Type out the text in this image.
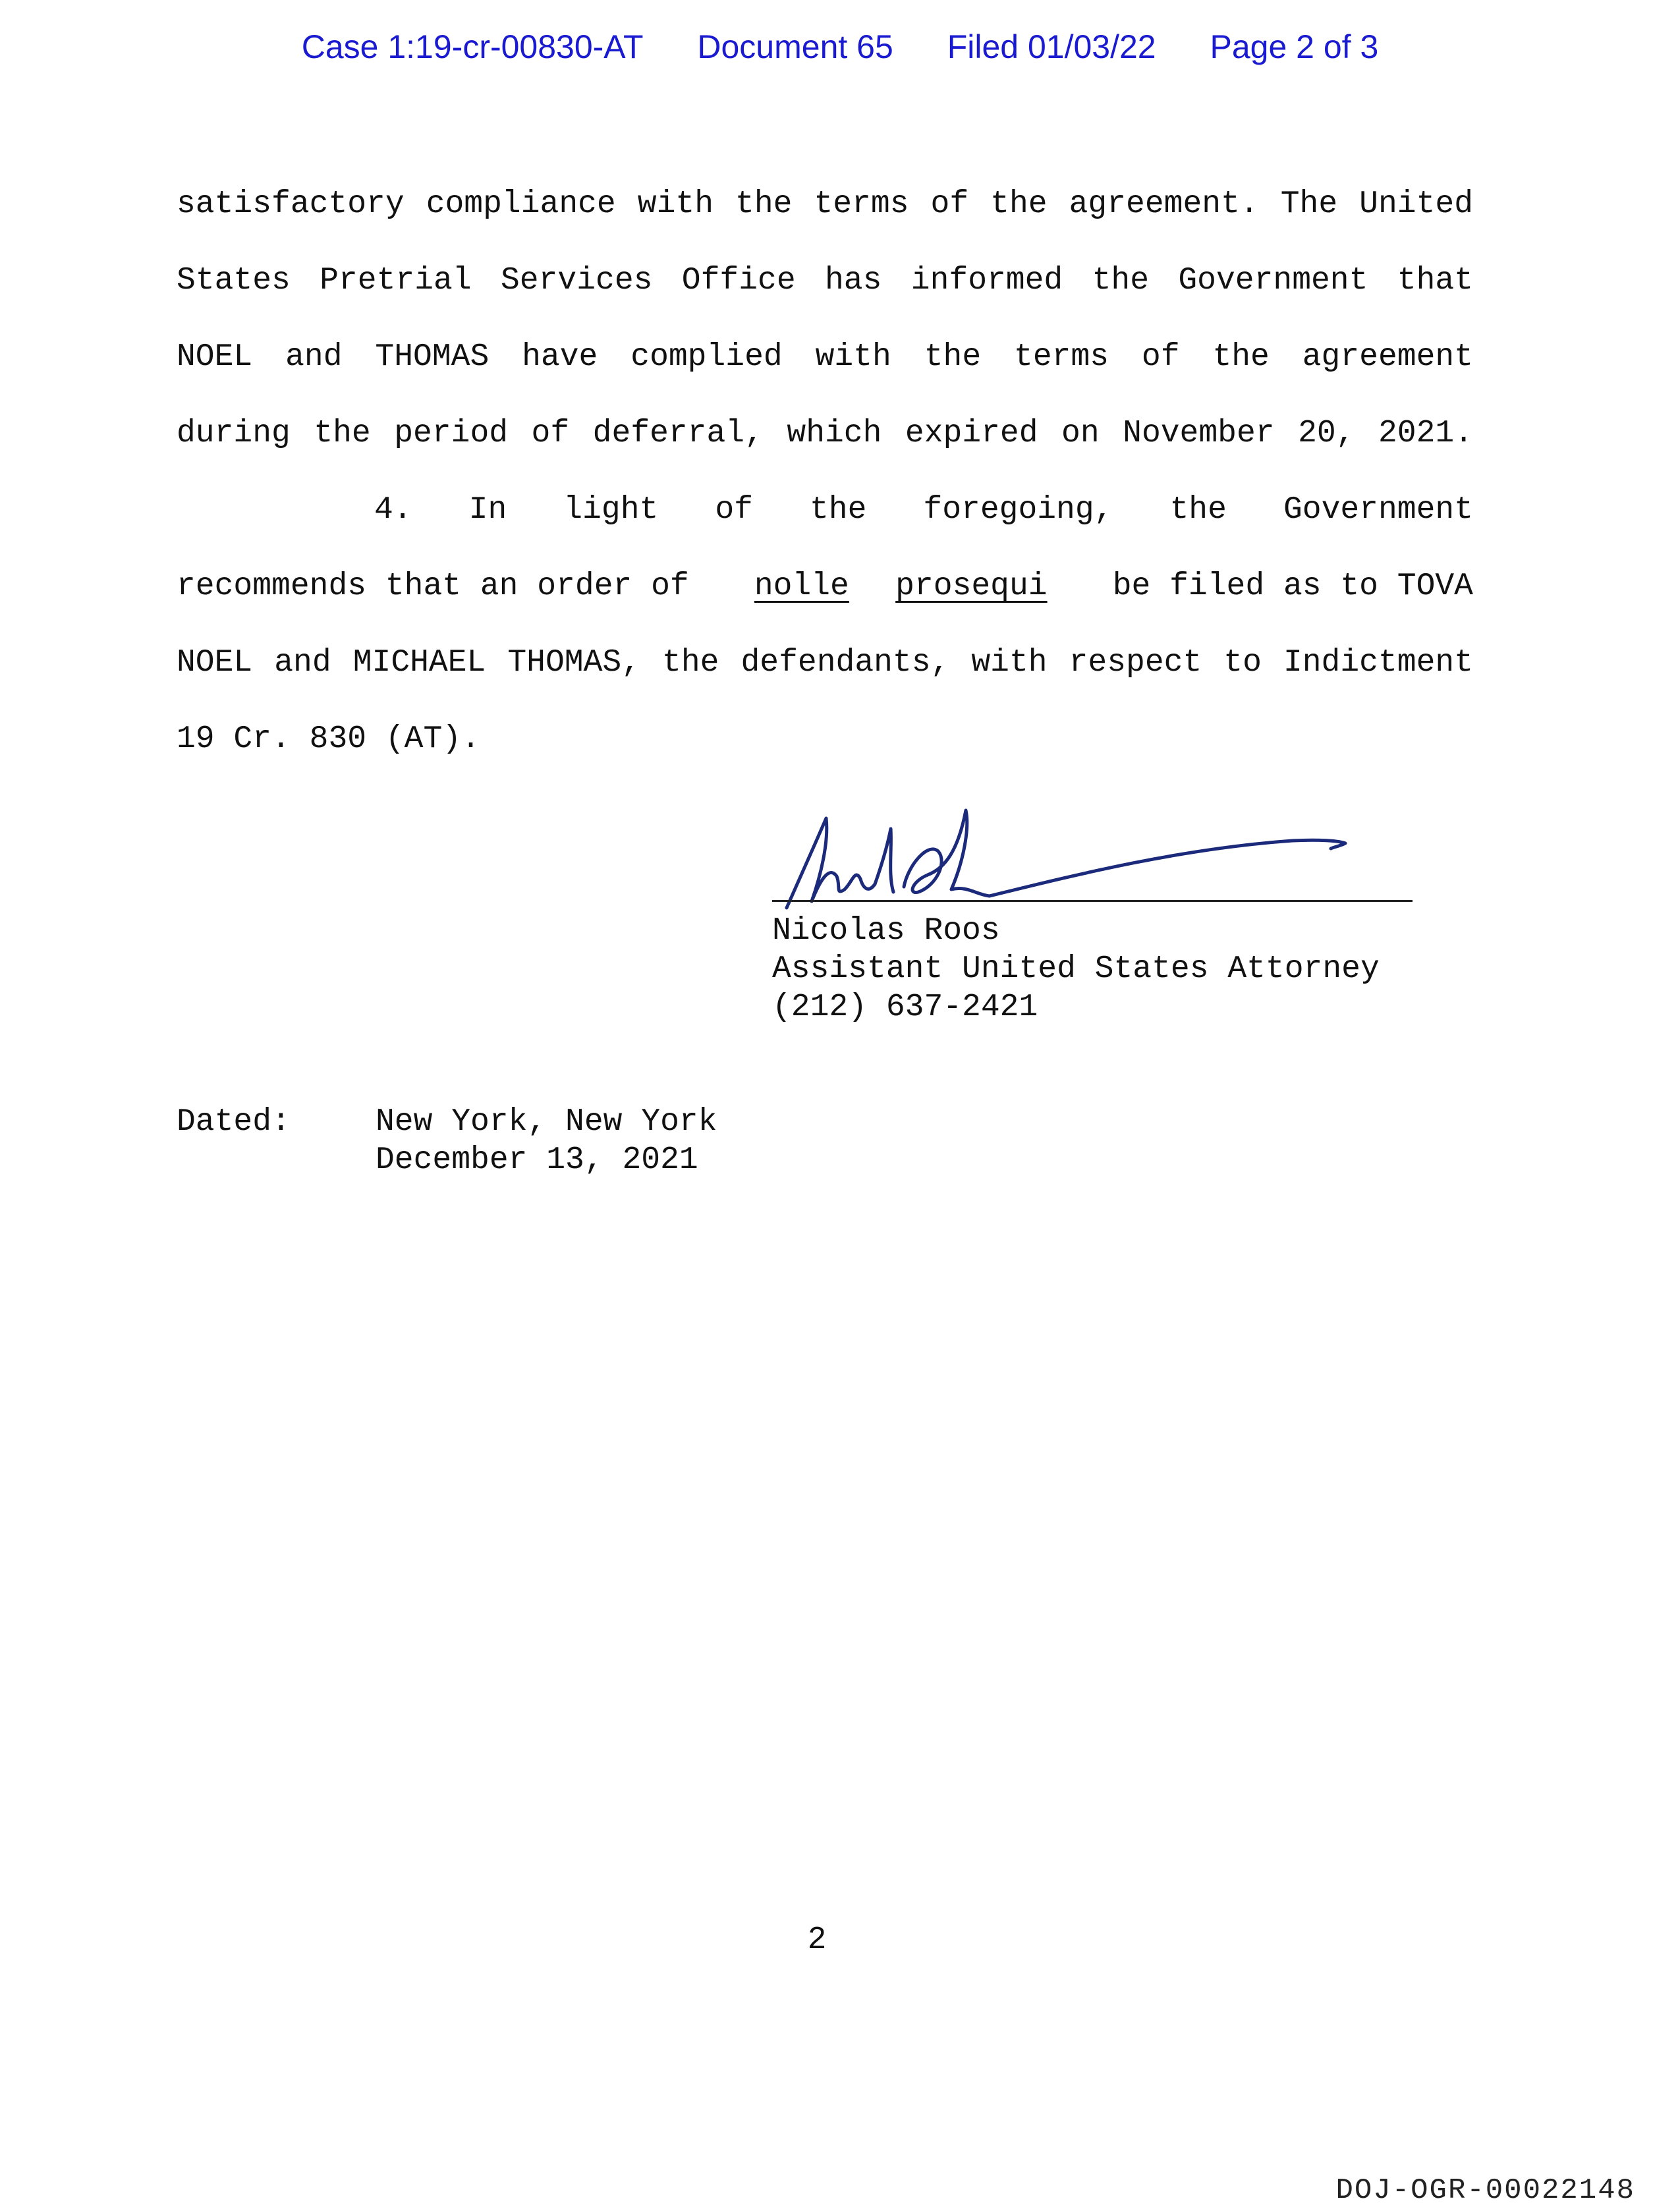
Case 1:19-cr-00830-AT Document 65 Filed 01/03/22 Page 2 of 3
satisfactory compliance with the terms of the agreement. The United
States Pretrial Services Office has informed the Government that
NOEL and THOMAS have complied with the terms of the agreement
during the period of deferral, which expired on November 20, 2021.
4. In light of the foregoing, the Government
recommends that an order of nolle prosequi be filed as to TOVA
NOEL and MICHAEL THOMAS, the defendants, with respect to Indictment
19 Cr. 830 (AT).
Nicolas Roos
Assistant United States Attorney
(212) 637-2421
Dated:	New York, New York
December 13, 2021
2
DOJ-OGR-00022148
